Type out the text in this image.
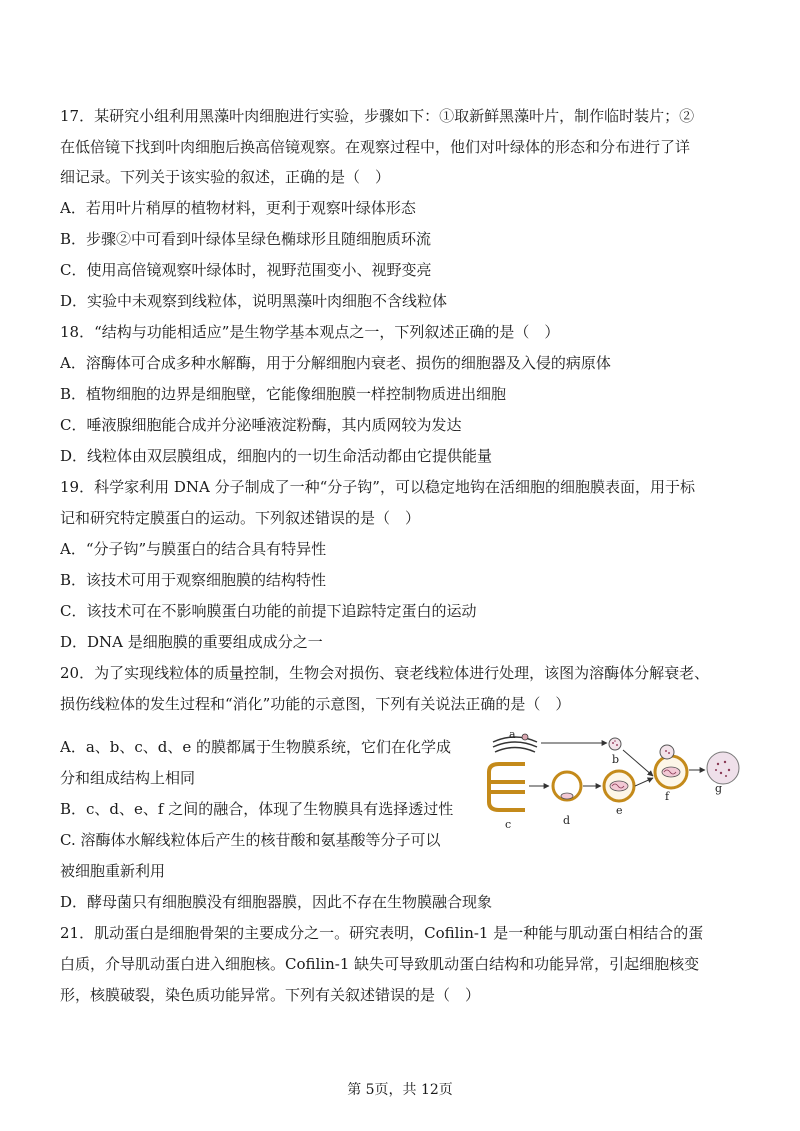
17．某研究小组利用黑藻叶肉细胞进行实验，步骤如下：①取新鲜黑藻叶片，制作临时装片；②
在低倍镜下找到叶肉细胞后换高倍镜观察。在观察过程中，他们对叶绿体的形态和分布进行了详
细记录。下列关于该实验的叙述，正确的是（　）
A．若用叶片稍厚的植物材料，更利于观察叶绿体形态
B．步骤②中可看到叶绿体呈绿色椭球形且随细胞质环流
C．使用高倍镜观察叶绿体时，视野范围变小、视野变亮
D．实验中未观察到线粒体，说明黑藻叶肉细胞不含线粒体
18．“结构与功能相适应”是生物学基本观点之一，下列叙述正确的是（　）
A．溶酶体可合成多种水解酶，用于分解细胞内衰老、损伤的细胞器及入侵的病原体
B．植物细胞的边界是细胞壁，它能像细胞膜一样控制物质进出细胞
C．唾液腺细胞能合成并分泌唾液淀粉酶，其内质网较为发达
D．线粒体由双层膜组成，细胞内的一切生命活动都由它提供能量
19．科学家利用 DNA 分子制成了一种“分子钩”，可以稳定地钩在活细胞的细胞膜表面，用于标
记和研究特定膜蛋白的运动。下列叙述错误的是（　）
A．“分子钩”与膜蛋白的结合具有特异性
B．该技术可用于观察细胞膜的结构特性
C．该技术可在不影响膜蛋白功能的前提下追踪特定蛋白的运动
D．DNA 是细胞膜的重要组成成分之一
20．为了实现线粒体的质量控制，生物会对损伤、衰老线粒体进行处理，该图为溶酶体分解衰老、
损伤线粒体的发生过程和“消化”功能的示意图，下列有关说法正确的是（　）
A．a、b、c、d、e 的膜都属于生物膜系统，它们在化学成
分和组成结构上相同
B．c、d、e、f 之间的融合，体现了生物膜具有选择透过性
C. 溶酶体水解线粒体后产生的核苷酸和氨基酸等分子可以
被细胞重新利用
D．酵母菌只有细胞膜没有细胞器膜，因此不存在生物膜融合现象
21．肌动蛋白是细胞骨架的主要成分之一。研究表明，Cofilin-1 是一种能与肌动蛋白相结合的蛋
白质，介导肌动蛋白进入细胞核。Cofilin-1 缺失可导致肌动蛋白结构和功能异常，引起细胞核变
形，核膜破裂，染色质功能异常。下列有关叙述错误的是（　）
a
b
c	d
e
f
g
第 5页，共 12页
